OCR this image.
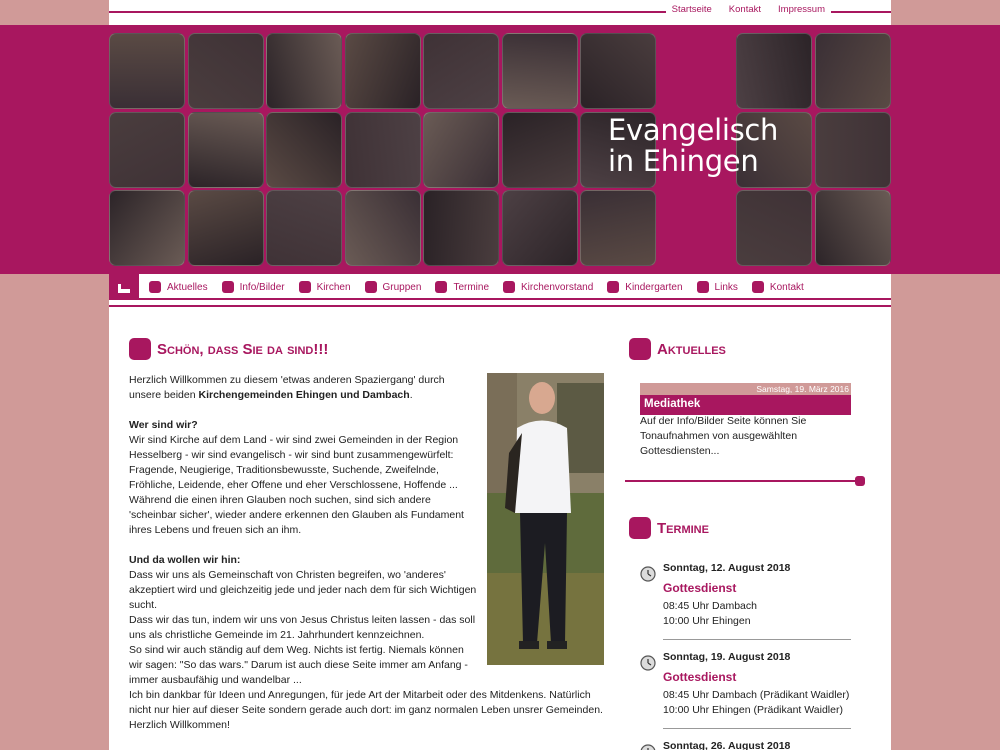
Startseite Kontakt Impressum
Evangelisch
in Ehingen
Aktuelles	Info/Bilder	Kirchen	Gruppen	Termine	Kirchenvorstand	Kindergarten	Links	Kontakt
Schön, dass Sie da sind!!!

Herzlich Willkommen zu diesem 'etwas anderen Spaziergang' durch unsere beiden Kirchengemeinden Ehingen und Dambach.

Wer sind wir?

Wir sind Kirche auf dem Land - wir sind zwei Gemeinden in der Region Hesselberg - wir sind evangelisch - wir sind bunt zusammengewürfelt: Fragende, Neugierige, Traditionsbewusste, Suchende, Zweifelnde, Fröhliche, Leidende, eher Offene und eher Verschlossene, Hoffende ...

Während die einen ihren Glauben noch suchen, sind sich andere 'scheinbar sicher', wieder andere erkennen den Glauben als Fundament ihres Lebens und freuen sich an ihm.

Und da wollen wir hin:

Dass wir uns als Gemeinschaft von Christen begreifen, wo 'anderes' akzeptiert wird und gleichzeitig jede und jeder nach dem für sich Wichtigen sucht.

Dass wir das tun, indem wir uns von Jesus Christus leiten lassen - das soll uns als christliche Gemeinde im 21. Jahrhundert kennzeichnen.

So sind wir auch ständig auf dem Weg. Nichts ist fertig. Niemals können wir sagen: "So das wars." Darum ist auch diese Seite immer am Anfang - immer ausbaufähig und wandelbar ...

Ich bin dankbar für Ideen und Anregungen, für jede Art der Mitarbeit oder des Mitdenkens. Natürlich nicht nur hier auf dieser Seite sondern gerade auch dort: im ganz normalen Leben unsrer Gemeinden. Herzlich Willkommen!
Aktuelles
Samstag, 19. März 2016
Mediathek
Auf der Info/Bilder Seite können Sie Tonaufnahmen von ausgewählten Gottesdiensten...
Termine
Sonntag, 12. August 2018
Gottesdienst
08:45 Uhr Dambach
10:00 Uhr Ehingen
Sonntag, 19. August 2018
Gottesdienst
08:45 Uhr Dambach (Prädikant Waidler)
10:00 Uhr Ehingen (Prädikant Waidler)
Sonntag, 26. August 2018
